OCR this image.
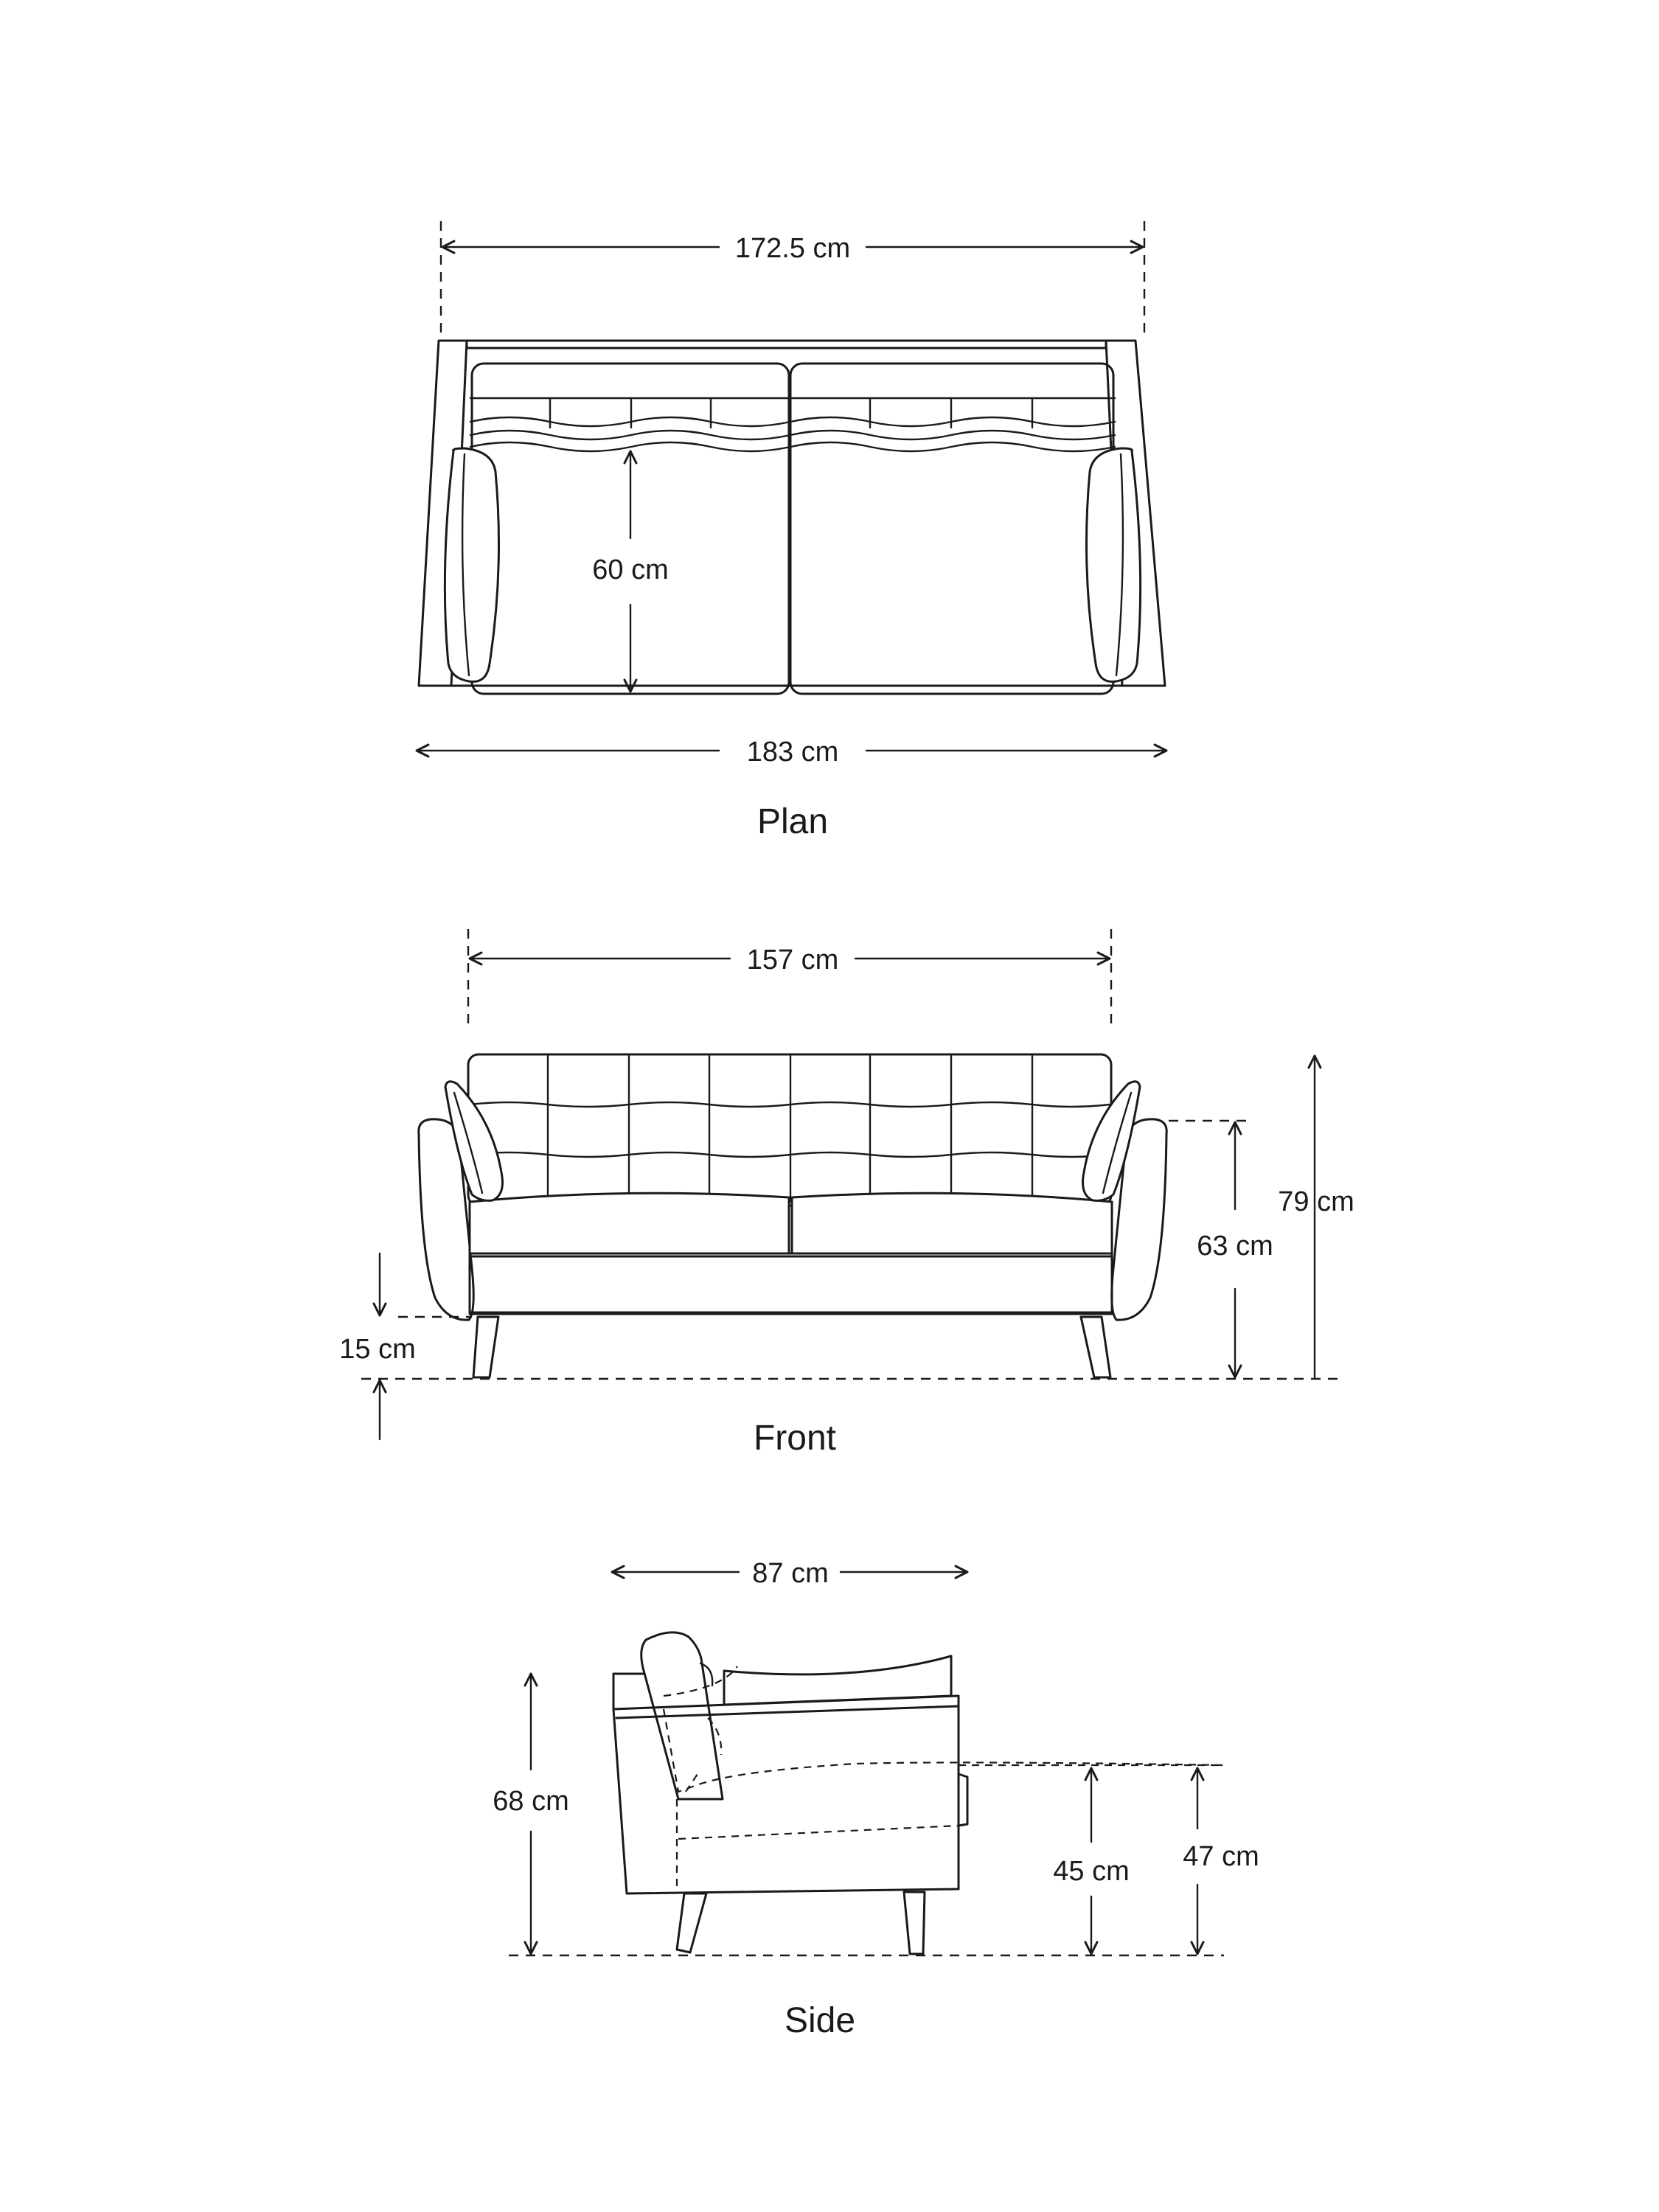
172.5 cm
60 cm
183 cm
Plan
157 cm
79 cm
63 cm
15 cm
Front
87 cm
68 cm
45 cm 47 cm
Side
